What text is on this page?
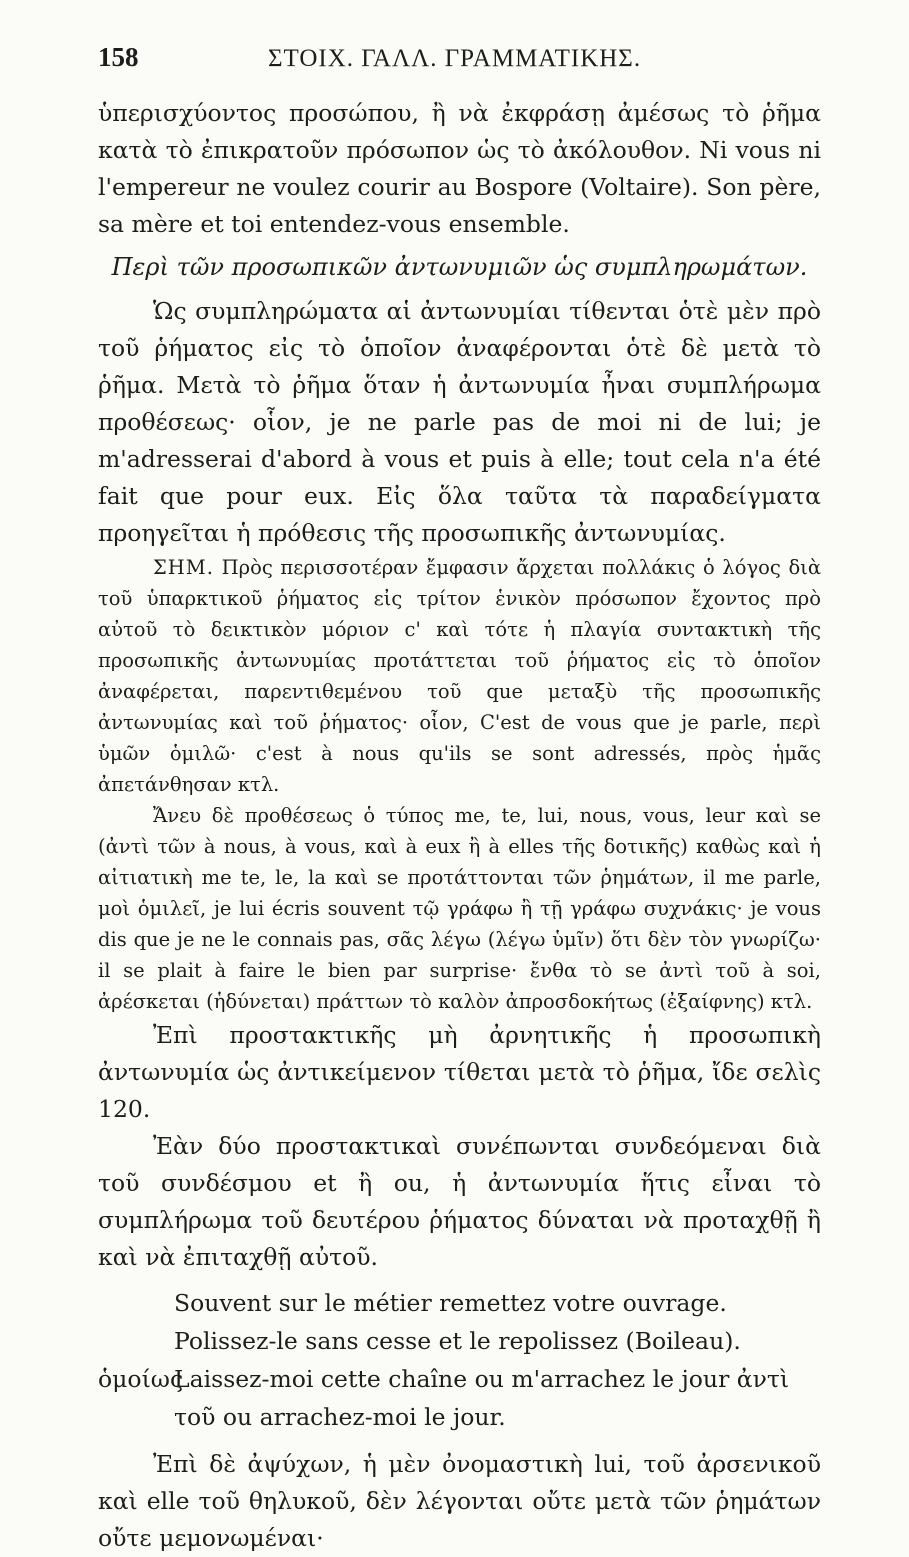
158	ΣΤΟΙΧ. ΓΑΛΛ. ΓΡΑΜΜΑΤΙΚΗΣ.

ὑπερισχύοντος προσώπου, ἢ νὰ ἐκφράσῃ ἀμέσως τὸ ῥῆμα κατὰ τὸ ἐπικρατοῦν πρόσωπον ὡς τὸ ἀκόλουθον. Ni vous ni l'empereur ne voulez courir au Bospore (Voltaire). Son père, sa mère et toi entendez-vous ensemble.

Περὶ τῶν προσωπικῶν ἀντωνυμιῶν ὡς συμπληρωμάτων.

Ὡς συμπληρώματα αἱ ἀντωνυμίαι τίθενται ὁτὲ μὲν πρὸ τοῦ ῥήματος εἰς τὸ ὁποῖον ἀναφέρονται ὁτὲ δὲ μετὰ τὸ ῥῆμα. Μετὰ τὸ ῥῆμα ὅταν ἡ ἀντωνυμία ἦναι συμπλήρωμα προθέσεως· οἷον, je ne parle pas de moi ni de lui; je m'adresserai d'abord à vous et puis à elle; tout cela n'a été fait que pour eux. Εἰς ὅλα ταῦτα τὰ παραδείγματα προηγεῖται ἡ πρόθεσις τῆς προσωπικῆς ἀντωνυμίας.

ΣΗΜ. Πρὸς περισσοτέραν ἔμφασιν ἄρχεται πολλάκις ὁ λόγος διὰ τοῦ ὑπαρκτικοῦ ῥήματος εἰς τρίτον ἑνικὸν πρόσωπον ἔχοντος πρὸ αὐτοῦ τὸ δεικτικὸν μόριον c' καὶ τότε ἡ πλαγία συντακτικὴ τῆς προσωπικῆς ἀντωνυμίας προτάττεται τοῦ ῥήματος εἰς τὸ ὁποῖον ἀναφέρεται, παρεντιθεμένου τοῦ que μεταξὺ τῆς προσωπικῆς ἀντωνυμίας καὶ τοῦ ῥήματος· οἷον, C'est de vous que je parle, περὶ ὑμῶν ὁμιλῶ· c'est à nous qu'ils se sont adressés, πρὸς ἡμᾶς ἀπετάνθησαν κτλ.

Ἄνευ δὲ προθέσεως ὁ τύπος me, te, lui, nous, vous, leur καὶ se (ἀντὶ τῶν à nous, à vous, καὶ à eux ἢ à elles τῆς δοτικῆς) καθὼς καὶ ἡ αἰτιατικὴ me te, le, la καὶ se προτάττονται τῶν ῥημάτων, il me parle, μοὶ ὁμιλεῖ, je lui écris souvent τῷ γράφω ἢ τῇ γράφω συχνάκις· je vous dis que je ne le connais pas, σᾶς λέγω (λέγω ὑμῖν) ὅτι δὲν τὸν γνωρίζω· il se plait à faire le bien par surprise· ἔνθα τὸ se ἀντὶ τοῦ à soi, ἀρέσκεται (ἡδύνεται) πράττων τὸ καλὸν ἀπροσδοκήτως (ἐξαίφνης) κτλ.

Ἐπὶ προστακτικῆς μὴ ἀρνητικῆς ἡ προσωπικὴ ἀντωνυμία ὡς ἀντικείμενον τίθεται μετὰ τὸ ῥῆμα, ἴδε σελὶς 120.

Ἐὰν δύο προστακτικαὶ συνέπωνται συνδεόμεναι διὰ τοῦ συνδέσμου et ἢ ou, ἡ ἀντωνυμία ἥτις εἶναι τὸ συμπλήρωμα τοῦ δευτέρου ῥήματος δύναται νὰ προταχθῇ ἢ καὶ νὰ ἐπιταχθῇ αὐτοῦ.

Souvent sur le métier remettez votre ouvrage.
Polissez-le sans cesse et le repolissez (Boileau).
ὁμοίωςLaissez-moi cette chaîne ou m'arrachez le jour ἀντὶ
τοῦ ou arrachez-moi le jour.

Ἐπὶ δὲ ἀψύχων, ἡ μὲν ὀνομαστικὴ lui, τοῦ ἀρσενικοῦ καὶ elle τοῦ θηλυκοῦ, δὲν λέγονται οὔτε μετὰ τῶν ῥημάτων οὔτε μεμονωμέναι·
